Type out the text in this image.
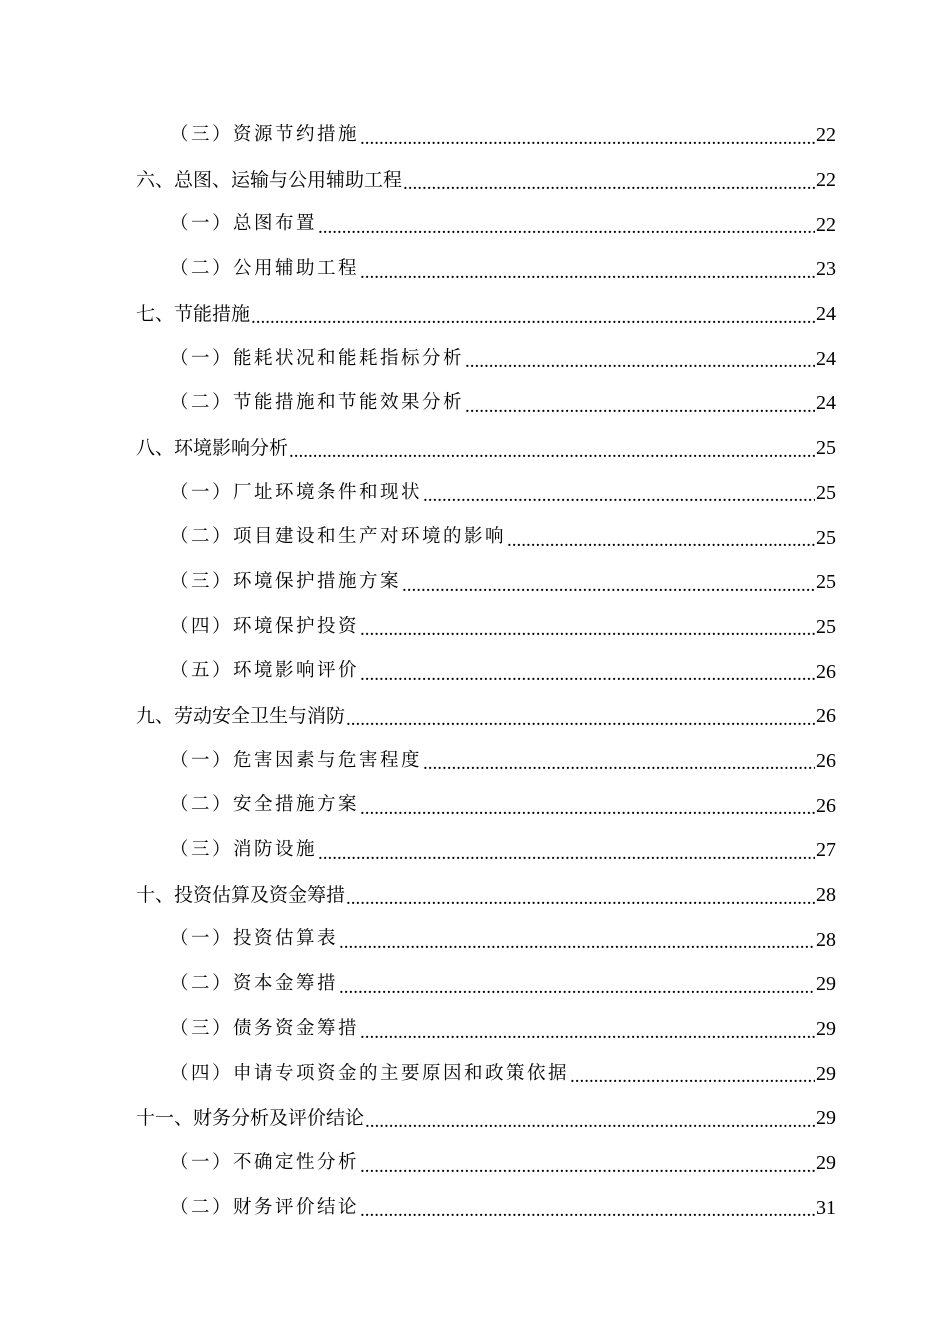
（三）资源节约措施 .....	22
六、总图、运输与公用辅助工程 .....	22
（一）总图布置 .....	22
（二）公用辅助工程 .....	23
七、节能措施 .....	24
（一）能耗状况和能耗指标分析 .....	24
（二）节能措施和节能效果分析 .....	24
八、环境影响分析 .....	25
（一）厂址环境条件和现状 .....	25
（二）项目建设和生产对环境的影响 .....	25
（三）环境保护措施方案 .....	25
（四）环境保护投资 .....	25
（五）环境影响评价 .....	26
九、劳动安全卫生与消防 .....	26
（一）危害因素与危害程度 .....	26
（二）安全措施方案 .....	26
（三）消防设施 .....	27
十、投资估算及资金筹措 .....	28
（一）投资估算表 .....	28
（二）资本金筹措 .....	29
（三）债务资金筹措 .....	29
（四）申请专项资金的主要原因和政策依据 .....	29
十一、财务分析及评价结论 .....	29
（一）不确定性分析 .....	29
（二）财务评价结论 .....	31
